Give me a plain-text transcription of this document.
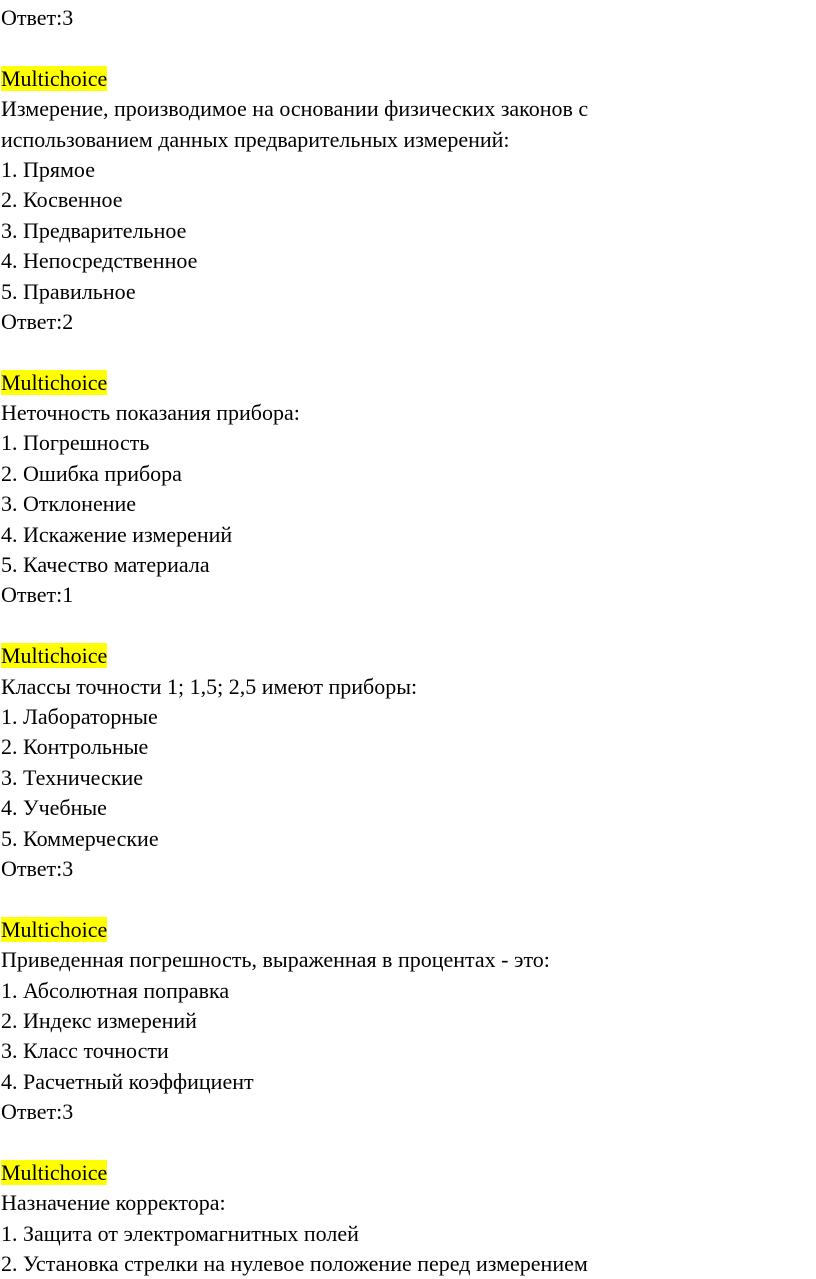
Ответ:3
Multichoice
Измерение, производимое на основании физических законов с
использованием данных предварительных измерений:
1. Прямое
2. Косвенное
3. Предварительное
4. Непосредственное
5. Правильное
Ответ:2
Multichoice
Неточность показания прибора:
1. Погрешность
2. Ошибка прибора
3. Отклонение
4. Искажение измерений
5. Качество материала
Ответ:1
Multichoice
Классы точности 1; 1,5; 2,5 имеют приборы:
1. Лабораторные
2. Контрольные
3. Технические
4. Учебные
5. Коммерческие
Ответ:3
Multichoice
Приведенная погрешность, выраженная в процентах - это:
1. Абсолютная поправка
2. Индекс измерений
3. Класс точности
4. Расчетный коэффициент
Ответ:3
Multichoice
Назначение корректора:
1. Защита от электромагнитных полей
2. Установка стрелки на нулевое положение перед измерением
